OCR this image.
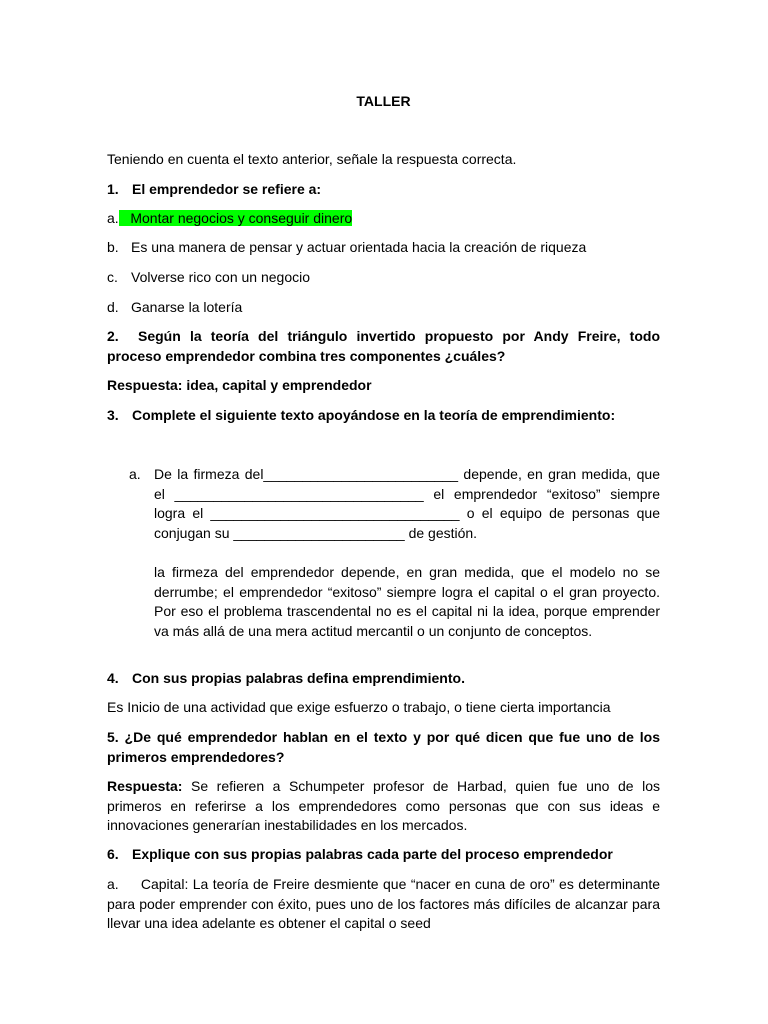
TALLER
Teniendo en cuenta el texto anterior, señale la respuesta correcta.
1. El emprendedor se refiere a:
a. Montar negocios y conseguir dinero
b. Es una manera de pensar y actuar orientada hacia la creación de riqueza
c. Volverse rico con un negocio
d. Ganarse la lotería
2. Según la teoría del triángulo invertido propuesto por Andy Freire, todo proceso emprendedor combina tres componentes ¿cuáles?
Respuesta: idea, capital y emprendedor
3. Complete el siguiente texto apoyándose en la teoría de emprendimiento:
a. De la firmeza del_________________________ depende, en gran medida, que el ________________________________ el emprendedor “exitoso” siempre logra el ________________________________ o el equipo de personas que conjugan su ______________________ de gestión.
la firmeza del emprendedor depende, en gran medida, que el modelo no se derrumbe; el emprendedor “exitoso” siempre logra el capital o el gran proyecto. Por eso el problema trascendental no es el capital ni la idea, porque emprender va más allá de una mera actitud mercantil o un conjunto de conceptos.
4. Con sus propias palabras defina emprendimiento.
Es Inicio de una actividad que exige esfuerzo o trabajo, o tiene cierta importancia
5. ¿De qué emprendedor hablan en el texto y por qué dicen que fue uno de los primeros emprendedores?
Respuesta: Se refieren a Schumpeter profesor de Harbad, quien fue uno de los primeros en referirse a los emprendedores como personas que con sus ideas e innovaciones generarían inestabilidades en los mercados.
6. Explique con sus propias palabras cada parte del proceso emprendedor
a. Capital: La teoría de Freire desmiente que “nacer en cuna de oro” es determinante para poder emprender con éxito, pues uno de los factores más difíciles de alcanzar para llevar una idea adelante es obtener el capital o seed
